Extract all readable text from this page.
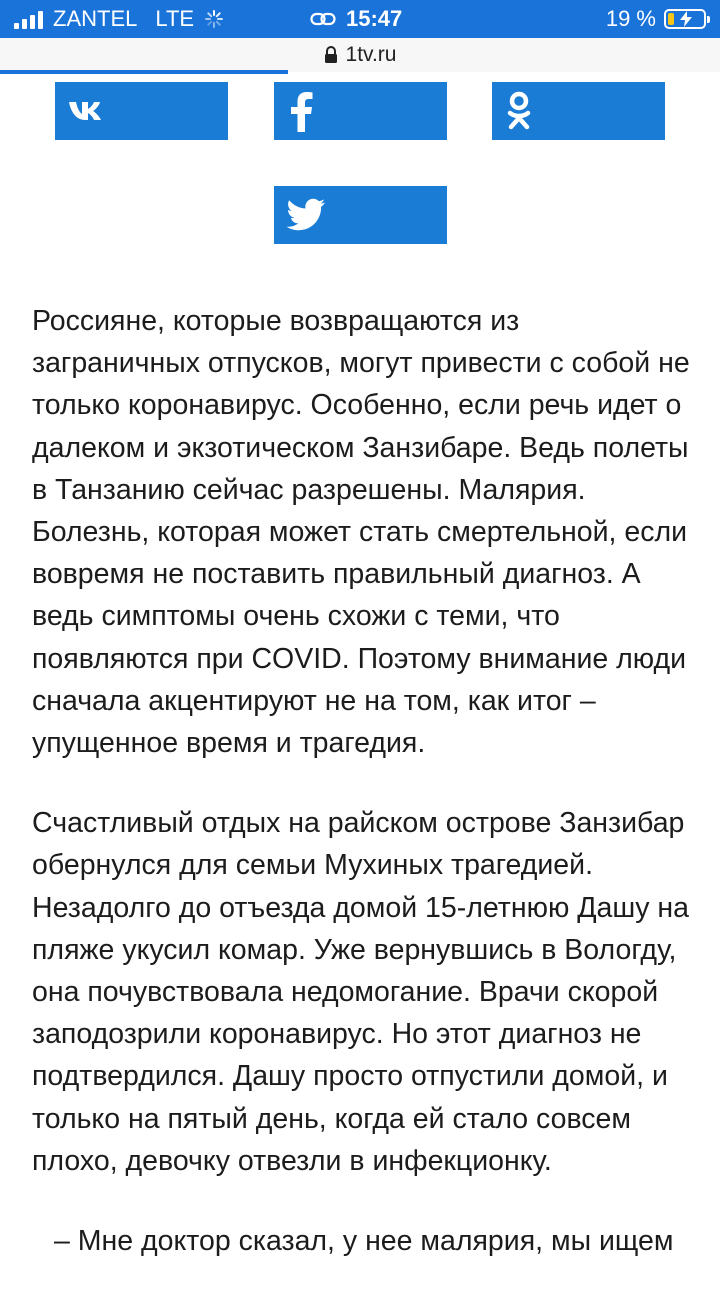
ZANTEL LTE	15:47	19 %
1tv.ru

Россияне, которые возвращаются из заграничных отпусков, могут привести с собой не только коронавирус. Особенно, если речь идет о далеком и экзотическом Занзибаре. Ведь полеты в Танзанию сейчас разрешены. Малярия. Болезнь, которая может стать смертельной, если вовремя не поставить правильный диагноз. А ведь симптомы очень схожи с теми, что появляются при COVID. Поэтому внимание люди сначала акцентируют не на том, как итог – упущенное время и трагедия.

Счастливый отдых на райском острове Занзибар обернулся для семьи Мухиных трагедией. Незадолго до отъезда домой 15-летнюю Дашу на пляже укусил комар. Уже вернувшись в Вологду, она почувствовала недомогание. Врачи скорой заподозрили коронавирус. Но этот диагноз не подтвердился. Дашу просто отпустили домой, и только на пятый день, когда ей стало совсем плохо, девочку отвезли в инфекционку.

– Мне доктор сказал, у нее малярия, мы ищем
